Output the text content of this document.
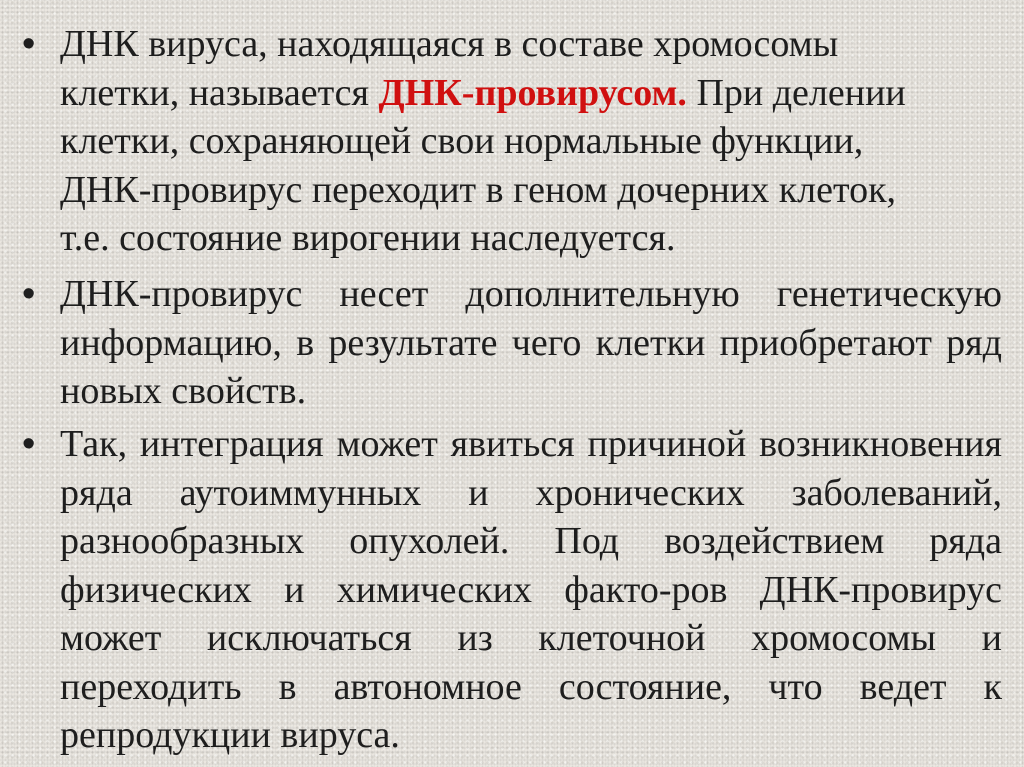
• ДНК вируса, находящаяся в составе хромосомы
клетки, называется ДНК-провирусом. При делении
клетки, сохраняющей свои нормальные функции,
ДНК-провирус переходит в геном дочерних клеток,
т.е. состояние вирогении наследуется.
• ДНК-провирус несет дополнительную генетическую информацию, в результате чего клетки приобретают ряд новых свойств.
• Так, интеграция может явиться причиной возникновения ряда аутоиммунных и хронических заболеваний, разнообразных опухолей. Под воздействием ряда физических и химических факто-ров ДНК-провирус может исключаться из клеточной хромосомы и переходить в автономное состояние, что ведет к репродукции вируса.
